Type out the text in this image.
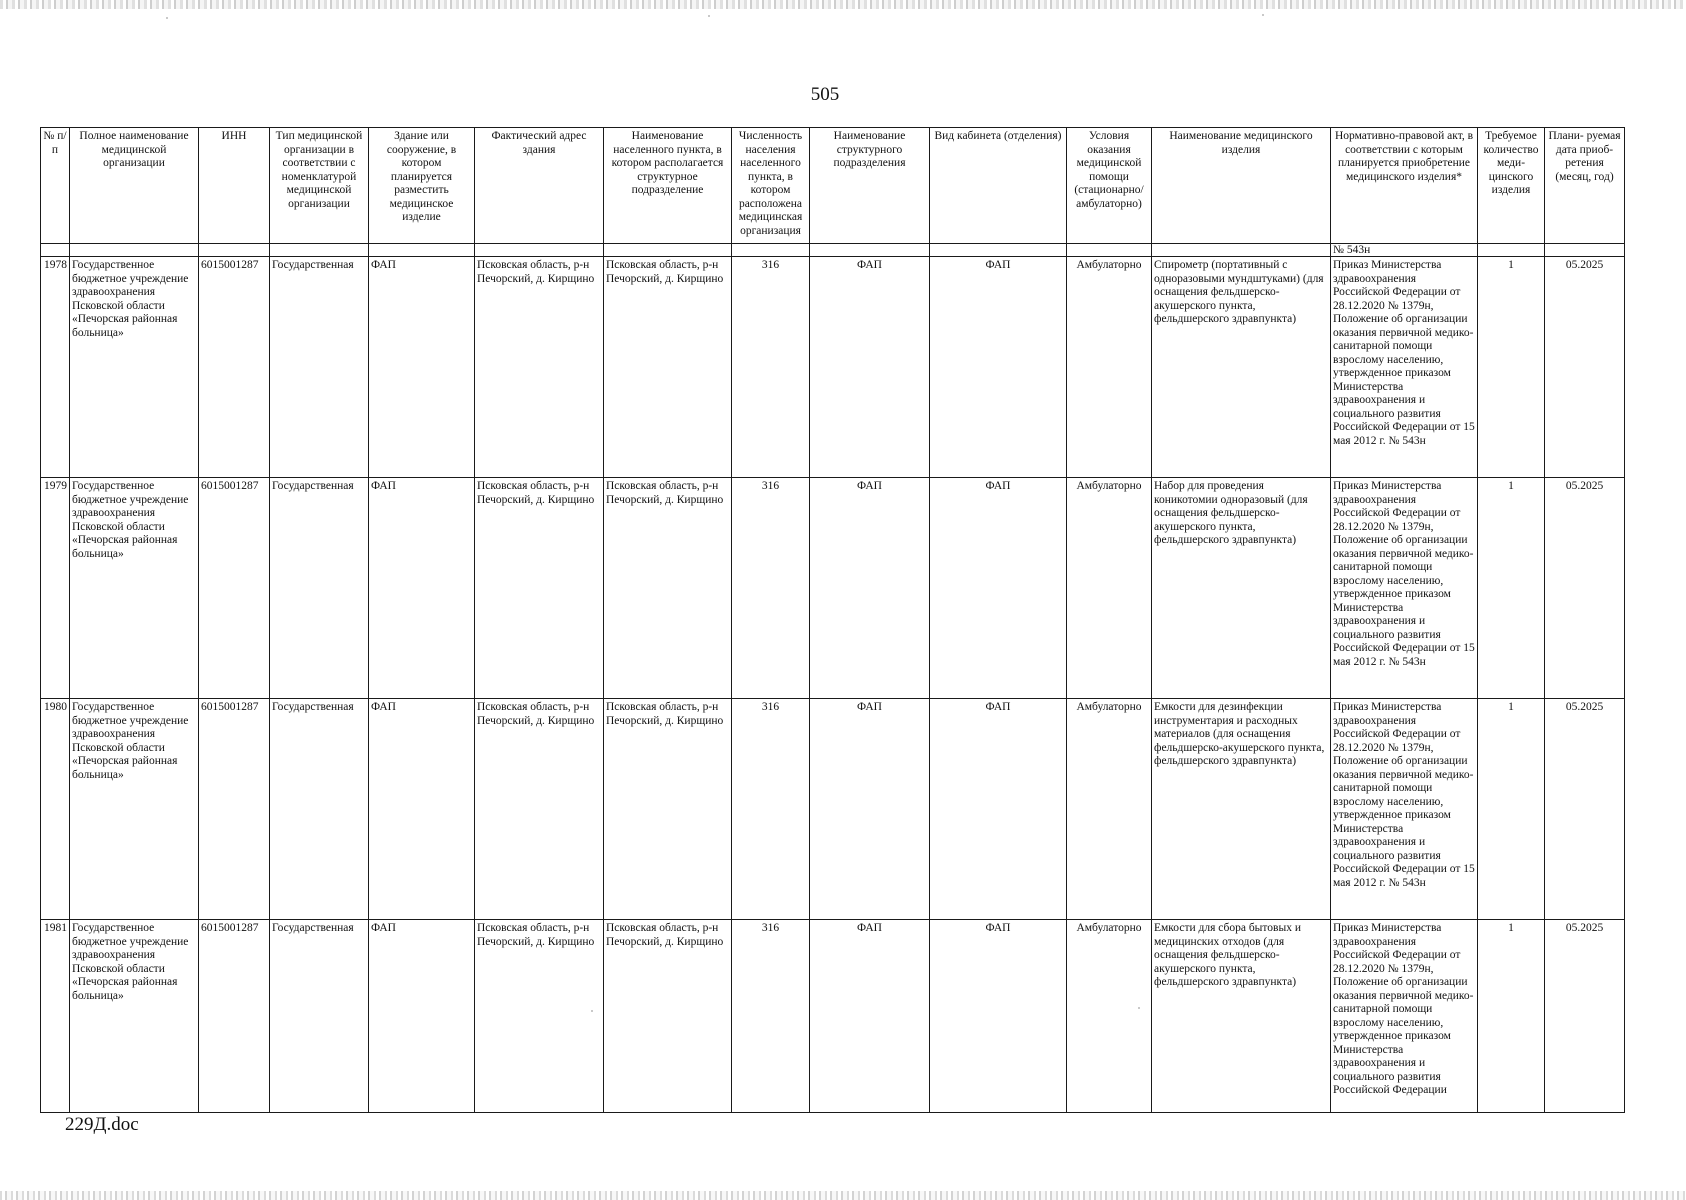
505
№ п/п	Полное наименование медицинской организации	ИНН	Тип медицинской организации в соответствии с номенклатурой медицинской организации	Здание или сооружение, в котором планируется разместить медицинское изделие	Фактический адрес здания	Наименование населенного пункта, в котором располагается структурное подразделение	Численность населения населенного пункта, в котором расположена медицинская организация	Наименование структурного подразделения	Вид кабинета (отделения)	Условия оказания медицинской помощи (стационарно/ амбулаторно)	Наименование медицинского изделия	Нормативно-правовой акт, в соответствии с которым планируется приобретение медицинского изделия*	Требуемое количество меди- цинского изделия	Плани- руемая дата приоб- ретения (месяц, год)
												№ 543н		
1978	Государственное бюджетное учреждение здравоохранения Псковской области «Печорская районная больница»	6015001287	Государственная	ФАП	Псковская область, р-н Печорский, д. Кирщино	Псковская область, р-н Печорский, д. Кирщино	316	ФАП	ФАП	Амбулаторно	Спирометр (портативный с одноразовыми мундштуками) (для оснащения фельдшерско-акушерского пункта, фельдшерского здравпункта)	Приказ Министерства здравоохранения Российской Федерации от 28.12.2020 № 1379н, Положение об организации оказания первичной медико-санитарной помощи взрослому населению, утвержденное приказом Министерства здравоохранения и социального развития Российской Федерации от 15 мая 2012 г. № 543н	1	05.2025
1979	Государственное бюджетное учреждение здравоохранения Псковской области «Печорская районная больница»	6015001287	Государственная	ФАП	Псковская область, р-н Печорский, д. Кирщино	Псковская область, р-н Печорский, д. Кирщино	316	ФАП	ФАП	Амбулаторно	Набор для проведения коникотомии одноразовый (для оснащения фельдшерско-акушерского пункта, фельдшерского здравпункта)	Приказ Министерства здравоохранения Российской Федерации от 28.12.2020 № 1379н, Положение об организации оказания первичной медико-санитарной помощи взрослому населению, утвержденное приказом Министерства здравоохранения и социального развития Российской Федерации от 15 мая 2012 г. № 543н	1	05.2025
1980	Государственное бюджетное учреждение здравоохранения Псковской области «Печорская районная больница»	6015001287	Государственная	ФАП	Псковская область, р-н Печорский, д. Кирщино	Псковская область, р-н Печорский, д. Кирщино	316	ФАП	ФАП	Амбулаторно	Емкости для дезинфекции инструментария и расходных материалов (для оснащения фельдшерско-акушерского пункта, фельдшерского здравпункта)	Приказ Министерства здравоохранения Российской Федерации от 28.12.2020 № 1379н, Положение об организации оказания первичной медико-санитарной помощи взрослому населению, утвержденное приказом Министерства здравоохранения и социального развития Российской Федерации от 15 мая 2012 г. № 543н	1	05.2025
1981	Государственное бюджетное учреждение здравоохранения Псковской области «Печорская районная больница»	6015001287	Государственная	ФАП	Псковская область, р-н Печорский, д. Кирщино	Псковская область, р-н Печорский, д. Кирщино	316	ФАП	ФАП	Амбулаторно	Емкости для сбора бытовых и медицинских отходов (для оснащения фельдшерско-акушерского пункта, фельдшерского здравпункта)	Приказ Министерства здравоохранения Российской Федерации от 28.12.2020 № 1379н, Положение об организации оказания первичной медико-санитарной помощи взрослому населению, утвержденное приказом Министерства здравоохранения и социального развития Российской Федерации	1	05.2025
229Д.doc
